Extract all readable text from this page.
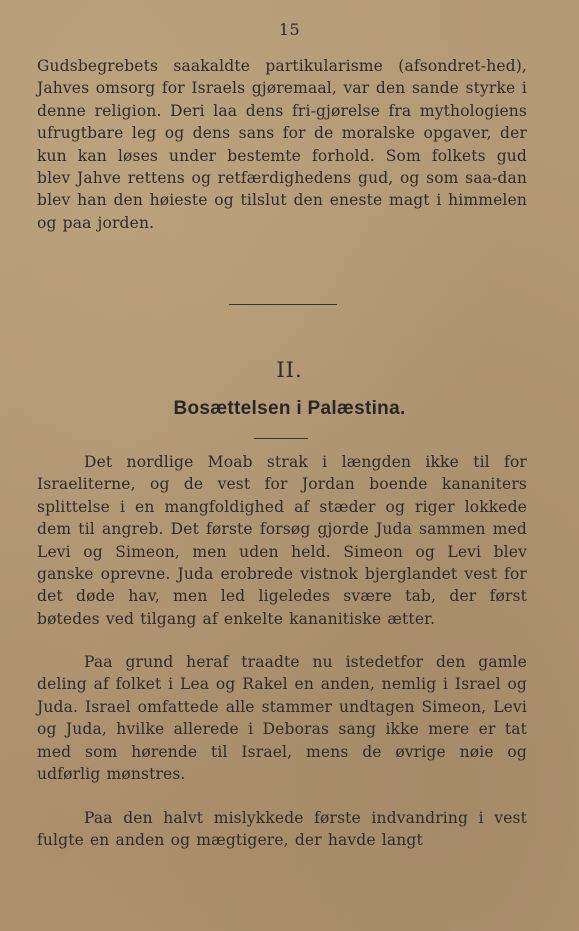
15

Gudsbegrebets saakaldte partikularisme (afsondret-hed), Jahves omsorg for Israels gjøremaal, var den sande styrke i denne religion. Deri laa dens fri-gjørelse fra mythologiens ufrugtbare leg og dens sans for de moralske opgaver, der kun kan løses under bestemte forhold. Som folkets gud blev Jahve rettens og retfærdighedens gud, og som saa-dan blev han den høieste og tilslut den eneste magt i himmelen og paa jorden.

II.
Bosættelsen i Palæstina.

Det nordlige Moab strak i længden ikke til for Israeliterne, og de vest for Jordan boende kananiters splittelse i en mangfoldighed af stæder og riger lokkede dem til angreb. Det første forsøg gjorde Juda sammen med Levi og Simeon, men uden held. Simeon og Levi blev ganske oprevne. Juda erobrede vistnok bjerglandet vest for det døde hav, men led ligeledes svære tab, der først bøtedes ved tilgang af enkelte kananitiske ætter.

Paa grund heraf traadte nu istedetfor den gamle deling af folket i Lea og Rakel en anden, nemlig i Israel og Juda. Israel omfattede alle stammer undtagen Simeon, Levi og Juda, hvilke allerede i Deboras sang ikke mere er tat med som hørende til Israel, mens de øvrige nøie og udførlig mønstres.

Paa den halvt mislykkede første indvandring i vest fulgte en anden og mægtigere, der havde langt
